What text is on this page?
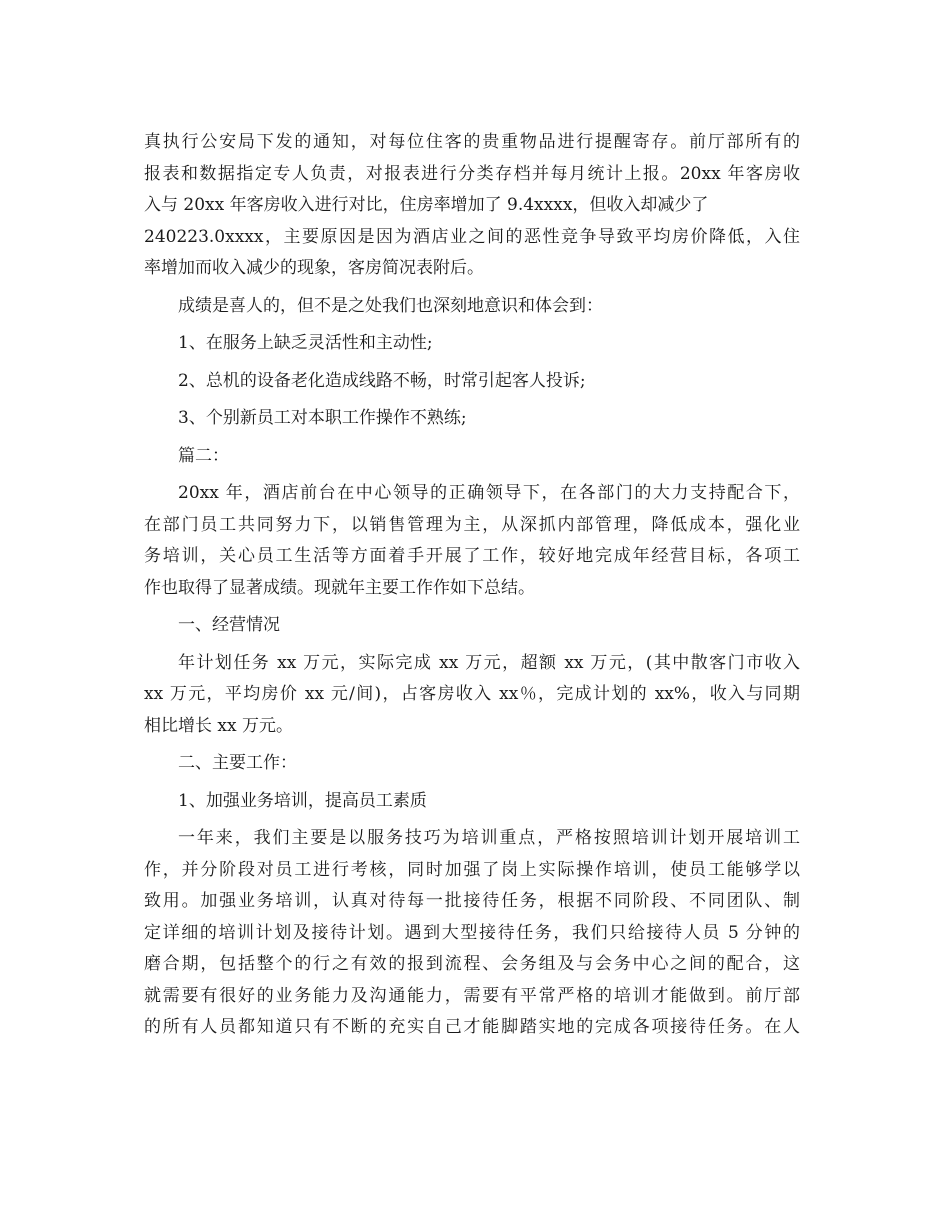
真执行公安局下发的通知，对每位住客的贵重物品进行提醒寄存。前厅部所有的
报表和数据指定专人负责，对报表进行分类存档并每月统计上报。20xx 年客房收
入与 20xx 年客房收入进行对比，住房率增加了 9.4xxxx，但收入却减少了
240223.0xxxx，主要原因是因为酒店业之间的恶性竞争导致平均房价降低，入住
率增加而收入减少的现象，客房简况表附后。
成绩是喜人的，但不是之处我们也深刻地意识和体会到：
1、在服务上缺乏灵活性和主动性;
2、总机的设备老化造成线路不畅，时常引起客人投诉;
3、个别新员工对本职工作操作不熟练;
篇二：
20xx 年，酒店前台在中心领导的正确领导下，在各部门的大力支持配合下，
在部门员工共同努力下，以销售管理为主，从深抓内部管理，降低成本，强化业
务培训，关心员工生活等方面着手开展了工作，较好地完成年经营目标，各项工
作也取得了显著成绩。现就年主要工作作如下总结。
一、经营情况
年计划任务 xx 万元，实际完成 xx 万元，超额 xx 万元，(其中散客门市收入
xx 万元，平均房价 xx 元/间)，占客房收入 xx％，完成计划的 xx%，收入与同期
相比增长 xx 万元。
二、主要工作：
1、加强业务培训，提高员工素质
一年来，我们主要是以服务技巧为培训重点，严格按照培训计划开展培训工
作，并分阶段对员工进行考核，同时加强了岗上实际操作培训，使员工能够学以
致用。加强业务培训，认真对待每一批接待任务，根据不同阶段、不同团队、制
定详细的培训计划及接待计划。遇到大型接待任务，我们只给接待人员 5 分钟的
磨合期，包括整个的行之有效的报到流程、会务组及与会务中心之间的配合，这
就需要有很好的业务能力及沟通能力，需要有平常严格的培训才能做到。前厅部
的所有人员都知道只有不断的充实自己才能脚踏实地的完成各项接待任务。在人
